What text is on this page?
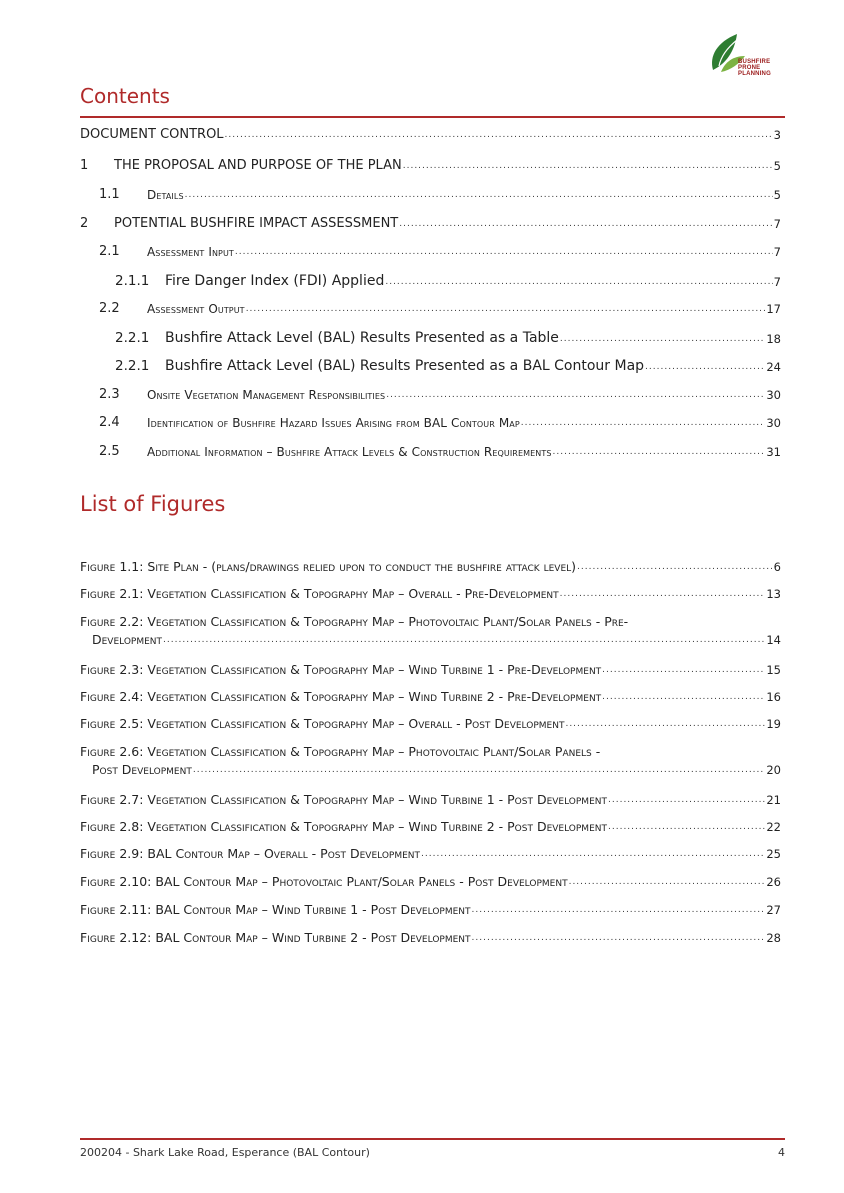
BUSHFIRE PRONE
PLANNING
Contents
DOCUMENT CONTROL .....	3
1	THE PROPOSAL AND PURPOSE OF THE PLAN .....	5
1.1	Details .....	5
2	POTENTIAL BUSHFIRE IMPACT ASSESSMENT .....	7
2.1	Assessment Input .....	7
2.1.1	Fire Danger Index (FDI) Applied .....	7
2.2	Assessment Output .....	17
2.2.1	Bushfire Attack Level (BAL) Results Presented as a Table .....	18
2.2.1	Bushfire Attack Level (BAL) Results Presented as a BAL Contour Map .....	24
2.3	Onsite Vegetation Management Responsibilities .....	30
2.4	Identification of Bushfire Hazard Issues Arising from BAL Contour Map .....	30
2.5	Additional Information – Bushfire Attack Levels & Construction Requirements .....	31
List of Figures
Figure 1.1: Site Plan - (plans/drawings relied upon to conduct the bushfire attack level) .....	6
Figure 2.1: Vegetation Classification & Topography Map – Overall - Pre-Development .....	13
Figure 2.2: Vegetation Classification & Topography Map – Photovoltaic Plant/Solar Panels - Pre-
Development .....	14
Figure 2.3: Vegetation Classification & Topography Map – Wind Turbine 1 - Pre-Development .....	15
Figure 2.4: Vegetation Classification & Topography Map – Wind Turbine 2 - Pre-Development .....	16
Figure 2.5: Vegetation Classification & Topography Map – Overall - Post Development .....	19
Figure 2.6: Vegetation Classification & Topography Map – Photovoltaic Plant/Solar Panels -
Post Development .....	20
Figure 2.7: Vegetation Classification & Topography Map – Wind Turbine 1 - Post Development .....	21
Figure 2.8: Vegetation Classification & Topography Map – Wind Turbine 2 - Post Development .....	22
Figure 2.9: BAL Contour Map – Overall - Post Development .....	25
Figure 2.10: BAL Contour Map – Photovoltaic Plant/Solar Panels - Post Development .....	26
Figure 2.11: BAL Contour Map – Wind Turbine 1 - Post Development .....	27
Figure 2.12: BAL Contour Map – Wind Turbine 2 - Post Development .....	28
200204 - Shark Lake Road, Esperance (BAL Contour)	4
